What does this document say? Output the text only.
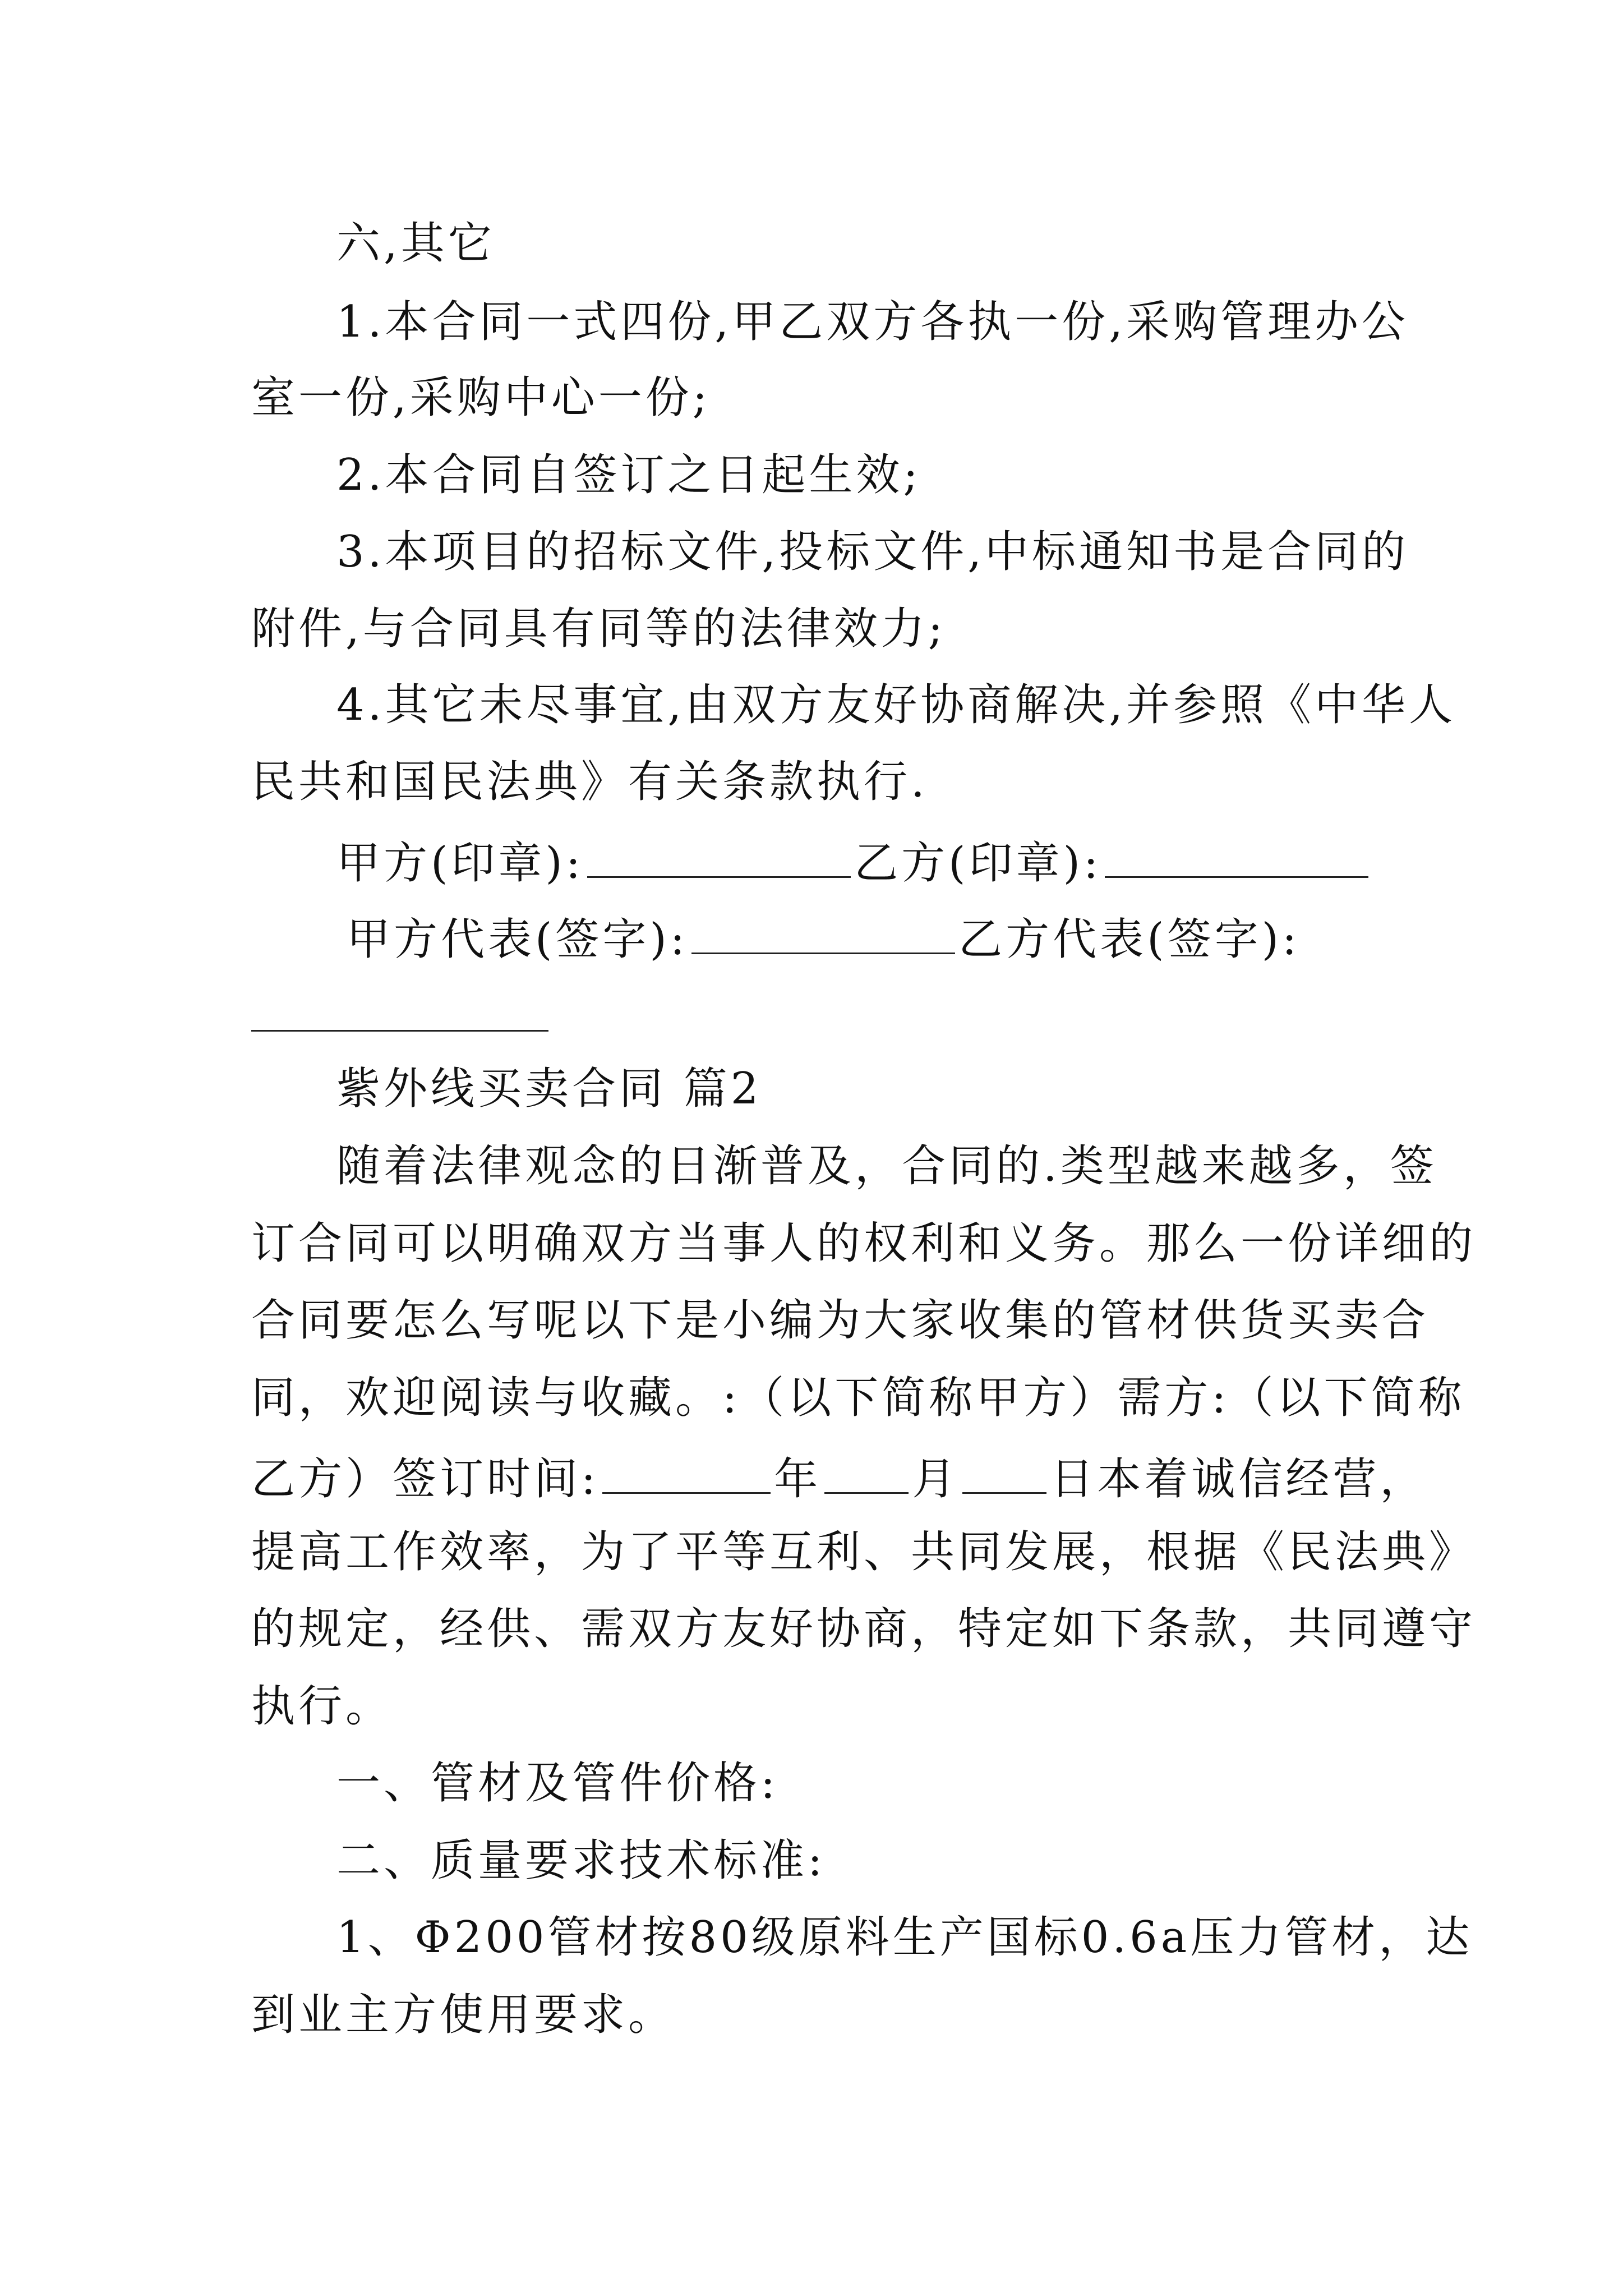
六,其它
1.本合同一式四份,甲乙双方各执一份,采购管理办公
室一份,采购中心一份;
2.本合同自签订之日起生效;
3.本项目的招标文件,投标文件,中标通知书是合同的
附件,与合同具有同等的法律效力;
4.其它未尽事宜,由双方友好协商解决,并参照《中华人
民共和国民法典》有关条款执行.
甲方(印章):	乙方(印章):
甲方代表(签字):	乙方代表(签字):
紫外线买卖合同 篇2
随着法律观念的日渐普及，合同的.类型越来越多，签
订合同可以明确双方当事人的权利和义务。那么一份详细的
合同要怎么写呢以下是小编为大家收集的管材供货买卖合
同，欢迎阅读与收藏。:（以下简称甲方）需方:（以下简称
乙方）签订时间:	年 月 日本着诚信经营，
提高工作效率，为了平等互利、共同发展，根据《民法典》
的规定，经供、需双方友好协商，特定如下条款，共同遵守
执行。
一、管材及管件价格:
二、质量要求技术标准:
1、Φ200管材按80级原料生产国标0.6a压力管材，达
到业主方使用要求。
